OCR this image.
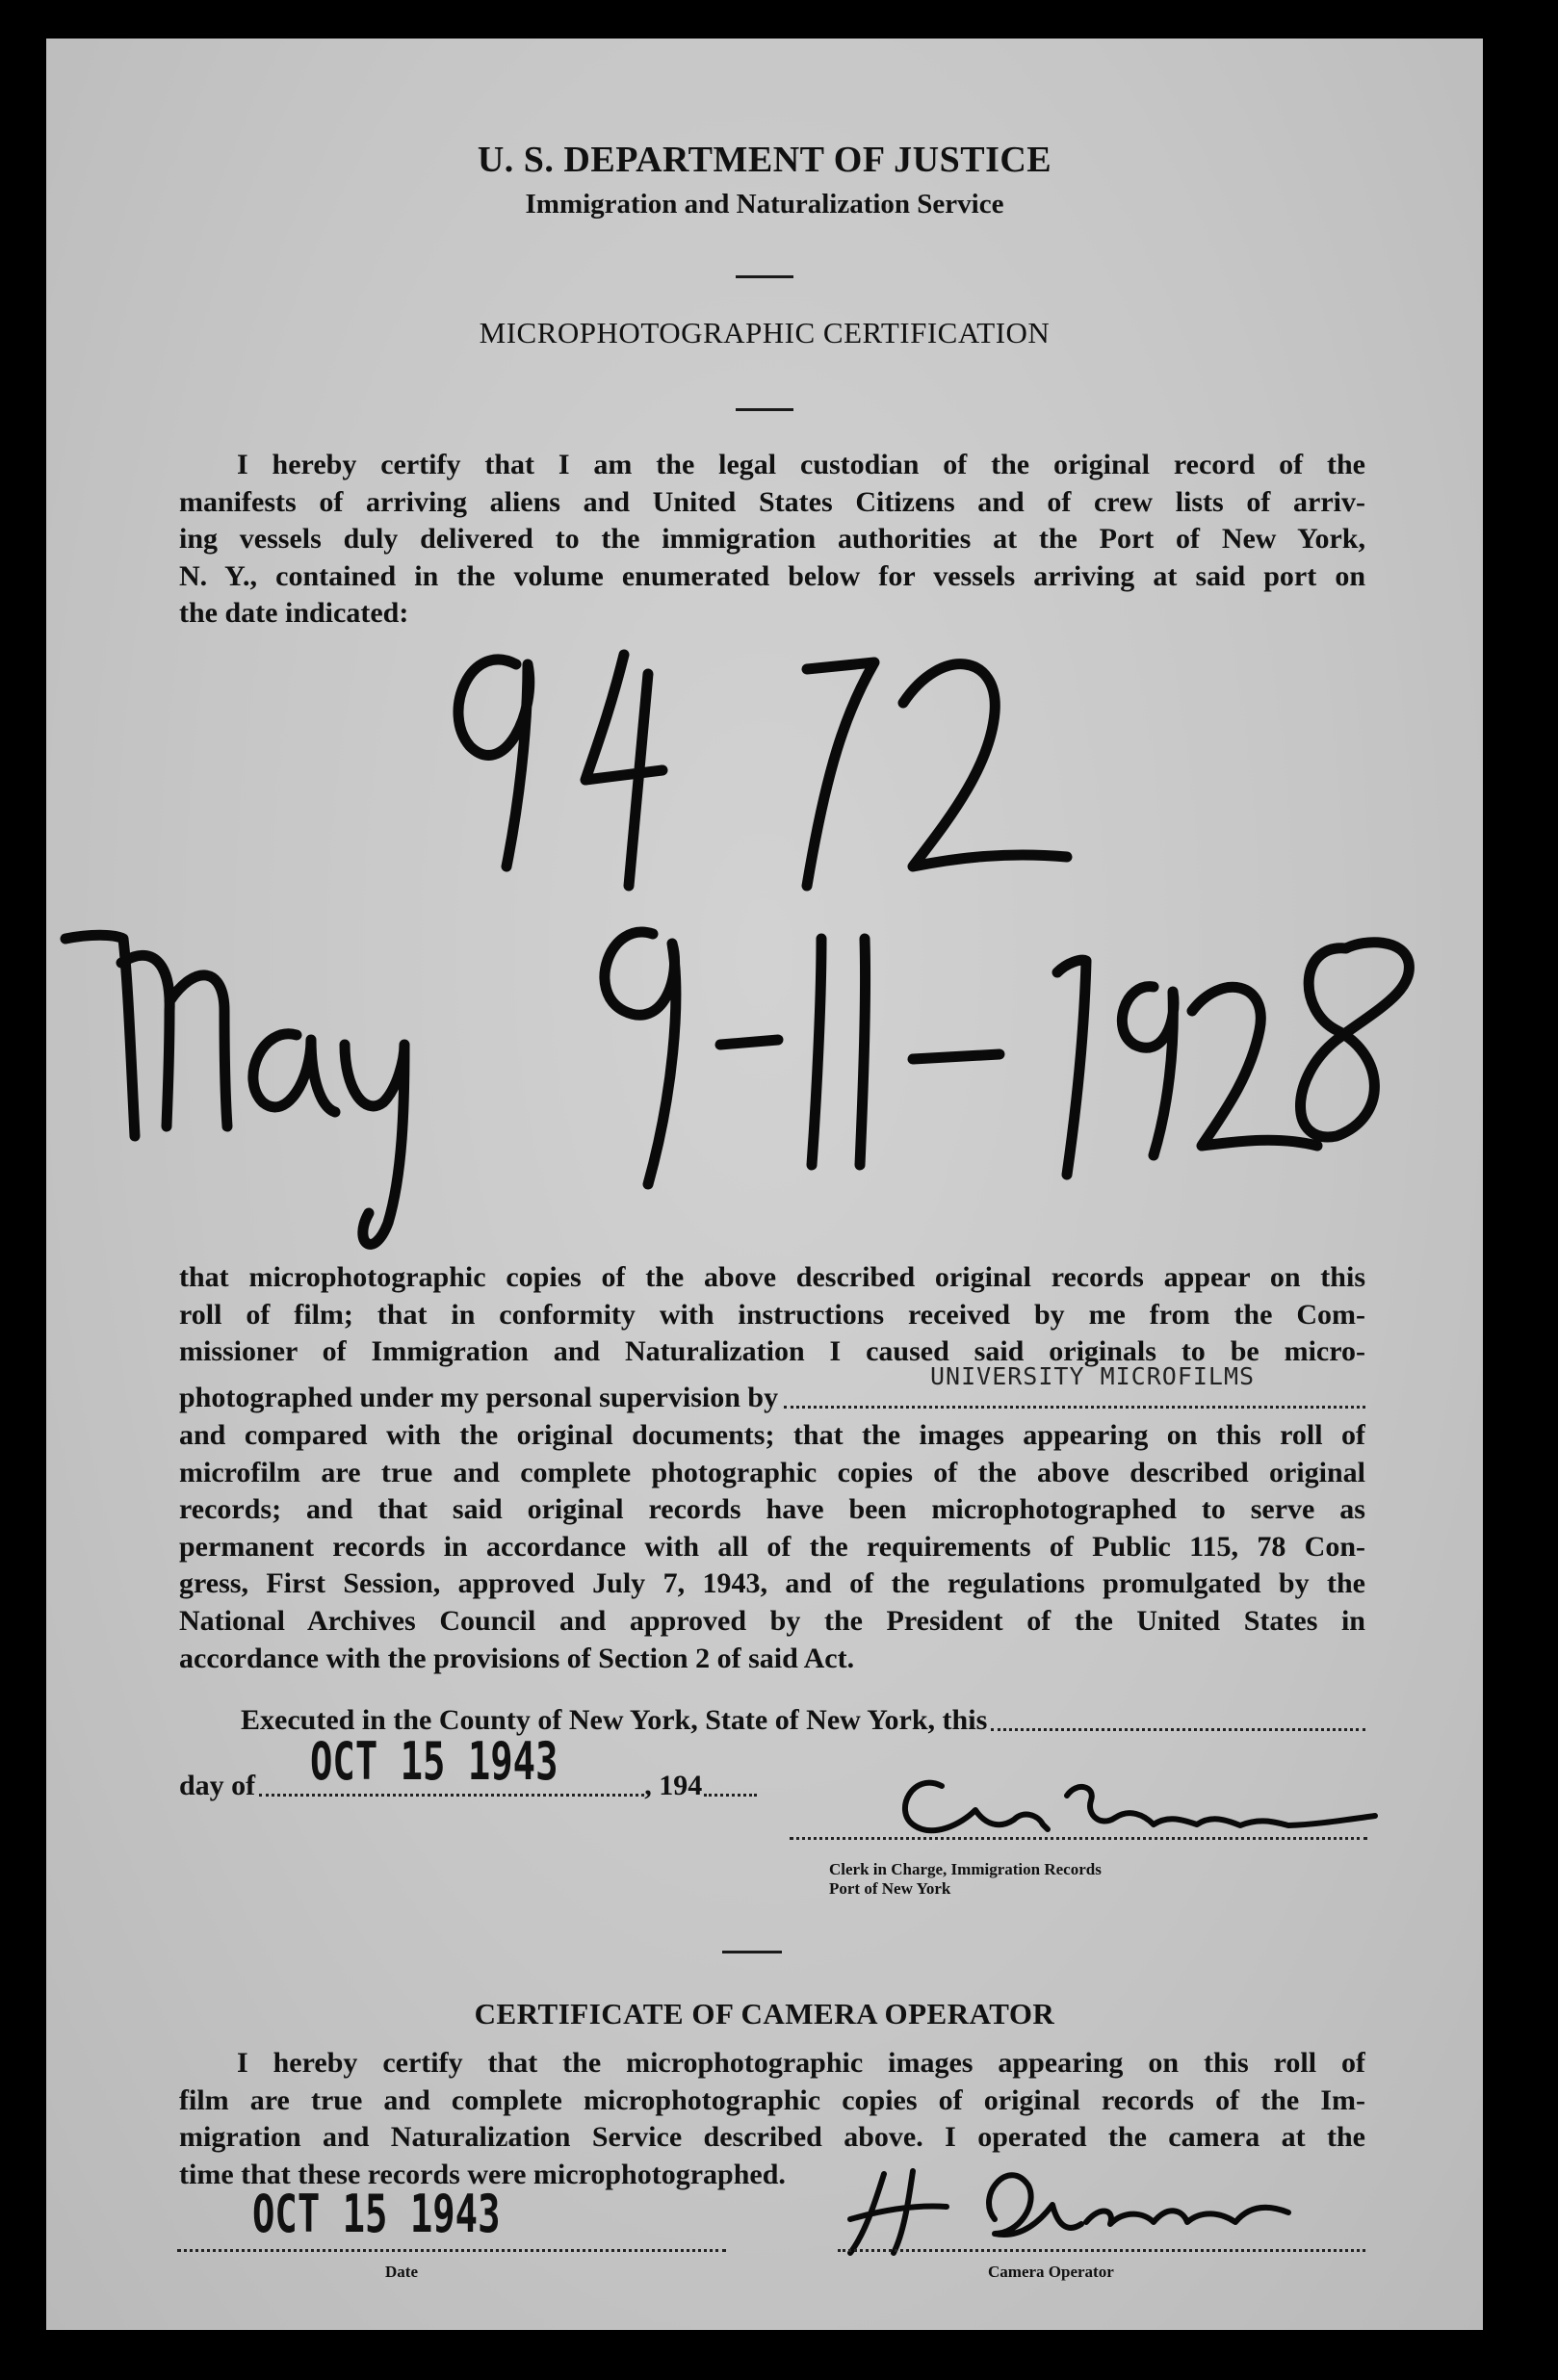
U. S. DEPARTMENT OF JUSTICE
Immigration and Naturalization Service
MICROPHOTOGRAPHIC CERTIFICATION
I hereby certify that I am the legal custodian of the original record of the
manifests of arriving aliens and United States Citizens and of crew lists of arriv-
ing vessels duly delivered to the immigration authorities at the Port of New York,
N. Y., contained in the volume enumerated below for vessels arriving at said port on
the date indicated:
that microphotographic copies of the above described original records appear on this
roll of film; that in conformity with instructions received by me from the Com-
missioner of Immigration and Naturalization I caused said originals to be micro-
photographed under my personal supervision by
UNIVERSITY MICROFILMS
and compared with the original documents; that the images appearing on this roll of
microfilm are true and complete photographic copies of the above described original
records; and that said original records have been microphotographed to serve as
permanent records in accordance with all of the requirements of Public 115, 78 Con-
gress, First Session, approved July 7, 1943, and of the regulations promulgated by the
National Archives Council and approved by the President of the United States in
accordance with the provisions of Section 2 of said Act.
Executed in the County of New York, State of New York, this
day of	, 194
OCT 15 1943
Clerk in Charge, Immigration Records
Port of New York
CERTIFICATE OF CAMERA OPERATOR
I hereby certify that the microphotographic images appearing on this roll of
film are true and complete microphotographic copies of original records of the Im-
migration and Naturalization Service described above. I operated the camera at the
time that these records were microphotographed.
OCT 15 1943
Date	Camera Operator
